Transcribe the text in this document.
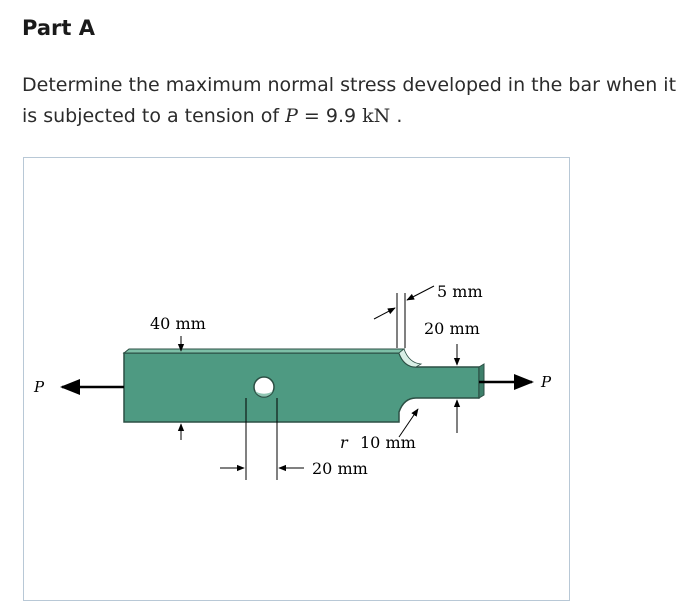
Part A
Determine the maximum normal stress developed in the bar when it is subjected to a tension of P = 9.9 kN .
P	P
40 mm
20 mm
5 mm
20 mm
r 10 mm
